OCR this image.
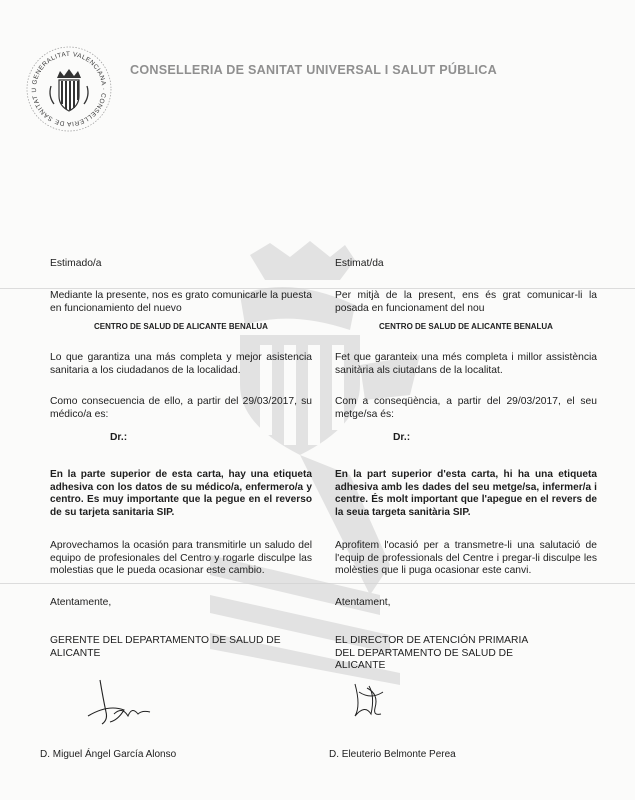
GENERALITAT VALENCIANA · CONSELLERIA DE SANITAT U
CONSELLERIA DE SANITAT UNIVERSAL I SALUT PÚBLICA

Estimado/a

Mediante la presente, nos es grato comunicarle la puesta en funcionamiento del nuevo

CENTRO DE SALUD DE ALICANTE BENALUA

Lo que garantiza una más completa y mejor asistencia sanitaria a los ciudadanos de la localidad.

Como consecuencia de ello, a partir del 29/03/2017, su médico/a es:

Dr.:

En la parte superior de esta carta, hay una etiqueta adhesiva con los datos de su médico/a, enfermero/a y centro. Es muy importante que la pegue en el reverso de su tarjeta sanitaria SIP.

Aprovechamos la ocasión para transmitirle un saludo del equipo de profesionales del Centro y rogarle disculpe las molestias que le pueda ocasionar este cambio.

Atentamente,

GERENTE DEL DEPARTAMENTO DE SALUD DE ALICANTE

D. Miguel Ángel García Alonso

Estimat/da

Per mitjà de la present, ens és grat comunicar-li la posada en funcionament del nou

CENTRO DE SALUD DE ALICANTE BENALUA

Fet que garanteix una més completa i millor assistència sanitària als ciutadans de la localitat.

Com a conseqüència, a partir del 29/03/2017, el seu metge/sa és:

Dr.:

En la part superior d'esta carta, hi ha una etiqueta adhesiva amb les dades del seu metge/sa, infermer/a i centre. És molt important que l'apegue en el revers de la seua targeta sanitària SIP.

Aprofitem l'ocasió per a transmetre-li una salutació de l'equip de professionals del Centre i pregar-li disculpe les molèsties que li puga ocasionar este canvi.

Atentament,

EL DIRECTOR DE ATENCIÓN PRIMARIA DEL DEPARTAMENTO DE SALUD DE ALICANTE

D. Eleuterio Belmonte Perea
